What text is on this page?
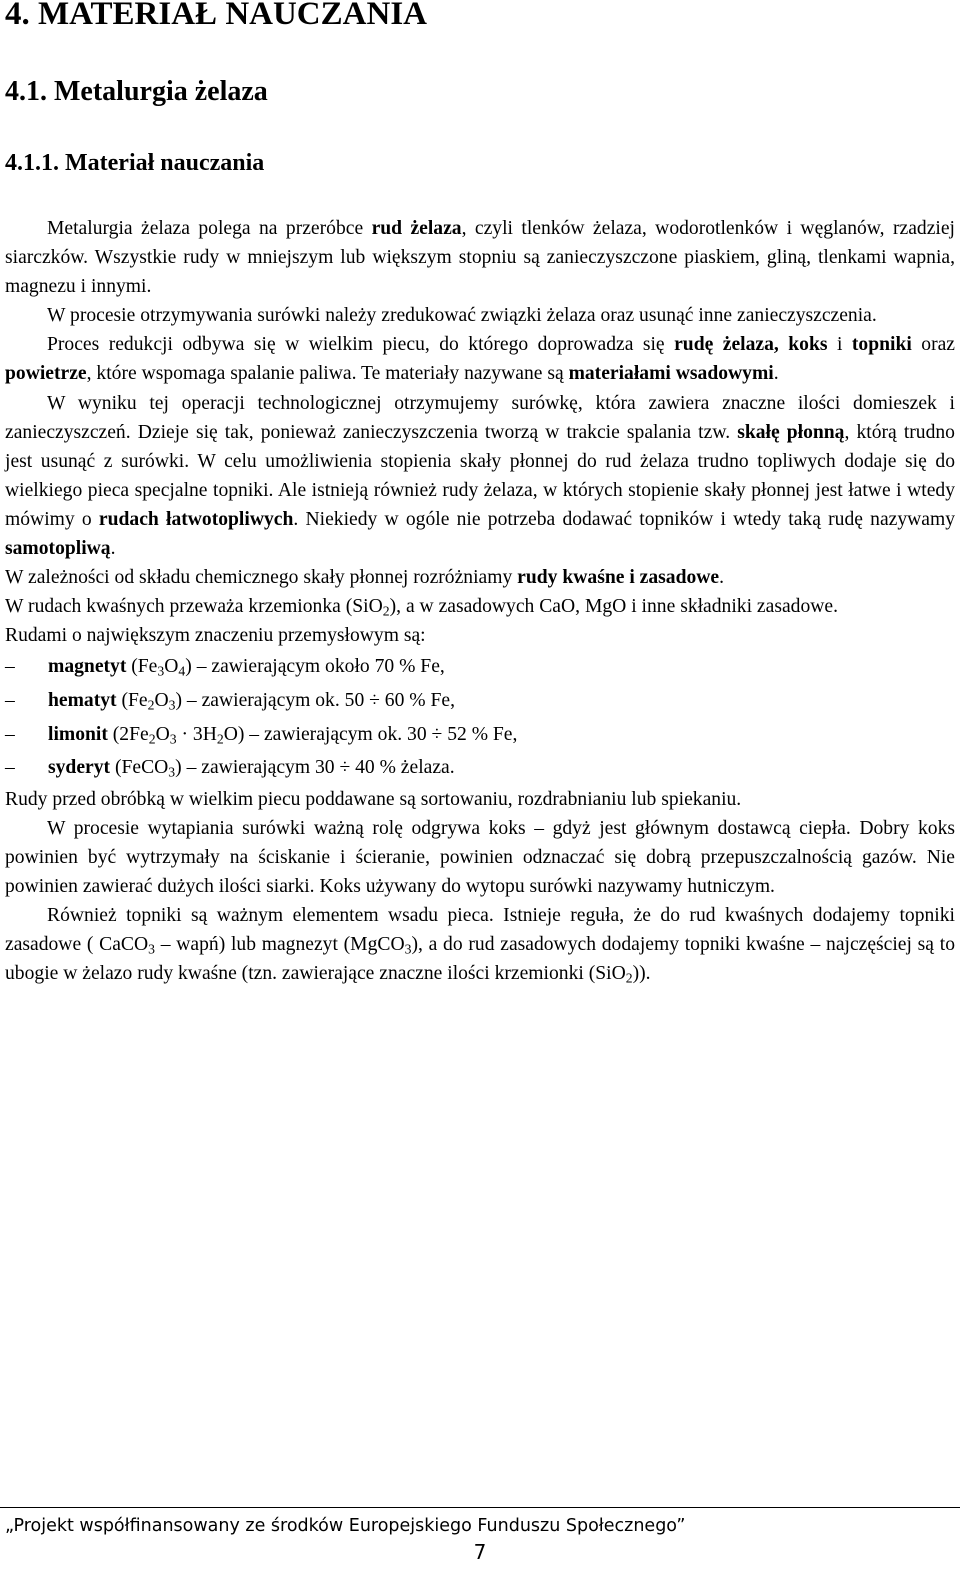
4. MATERIAŁ NAUCZANIA
4.1. Metalurgia żelaza
4.1.1. Materiał nauczania

Metalurgia żelaza polega na przeróbce rud żelaza, czyli tlenków żelaza, wodorotlenków i węglanów, rzadziej siarczków. Wszystkie rudy w mniejszym lub większym stopniu są zanieczyszczone piaskiem, gliną, tlenkami wapnia, magnezu i innymi.

W procesie otrzymywania surówki należy zredukować związki żelaza oraz usunąć inne zanieczyszczenia.

Proces redukcji odbywa się w wielkim piecu, do którego doprowadza się rudę żelaza, koks i topniki oraz powietrze, które wspomaga spalanie paliwa. Te materiały nazywane są materiałami wsadowymi.

W wyniku tej operacji technologicznej otrzymujemy surówkę, która zawiera znaczne ilości domieszek i zanieczyszczeń. Dzieje się tak, ponieważ zanieczyszczenia tworzą w trakcie spalania tzw. skałę płonną, którą trudno jest usunąć z surówki. W celu umożliwienia stopienia skały płonnej do rud żelaza trudno topliwych dodaje się do wielkiego pieca specjalne topniki. Ale istnieją również rudy żelaza, w których stopienie skały płonnej jest łatwe i wtedy mówimy o rudach łatwotopliwych. Niekiedy w ogóle nie potrzeba dodawać topników i wtedy taką rudę nazywamy samotopliwą.

W zależności od składu chemicznego skały płonnej rozróżniamy rudy kwaśne i zasadowe.

W rudach kwaśnych przeważa krzemionka (SiO$_2$), a w zasadowych CaO, MgO i inne składniki zasadowe.

Rudami o największym znaczeniu przemysłowym są:

– magnetyt $(Fe_3O_4)$ – zawierającym około 70 % Fe,
– hematyt $(Fe_2O_3)$ – zawierającym ok. 50 ÷ 60 % Fe,
– limonit $(2Fe_2O_3 \cdot 3H_2O)$ – zawierającym ok. 30 ÷ 52 % Fe,
– syderyt (FeCO$_3$) – zawierającym 30 ÷ 40 % żelaza.

Rudy przed obróbką w wielkim piecu poddawane są sortowaniu, rozdrabnianiu lub spiekaniu.

W procesie wytapiania surówki ważną rolę odgrywa koks – gdyż jest głównym dostawcą ciepła. Dobry koks powinien być wytrzymały na ściskanie i ścieranie, powinien odznaczać się dobrą przepuszczalnością gazów. Nie powinien zawierać dużych ilości siarki. Koks używany do wytopu surówki nazywamy hutniczym.

Również topniki są ważnym elementem wsadu pieca. Istnieje reguła, że do rud kwaśnych dodajemy topniki zasadowe ( CaCO$_3$ – wapń) lub magnezyt (MgCO$_3$), a do rud zasadowych dodajemy topniki kwaśne – najczęściej są to ubogie w żelazo rudy kwaśne (tzn. zawierające znaczne ilości krzemionki (SiO$_2$)).

„Projekt współfinansowany ze środków Europejskiego Funduszu Społecznego”
7
